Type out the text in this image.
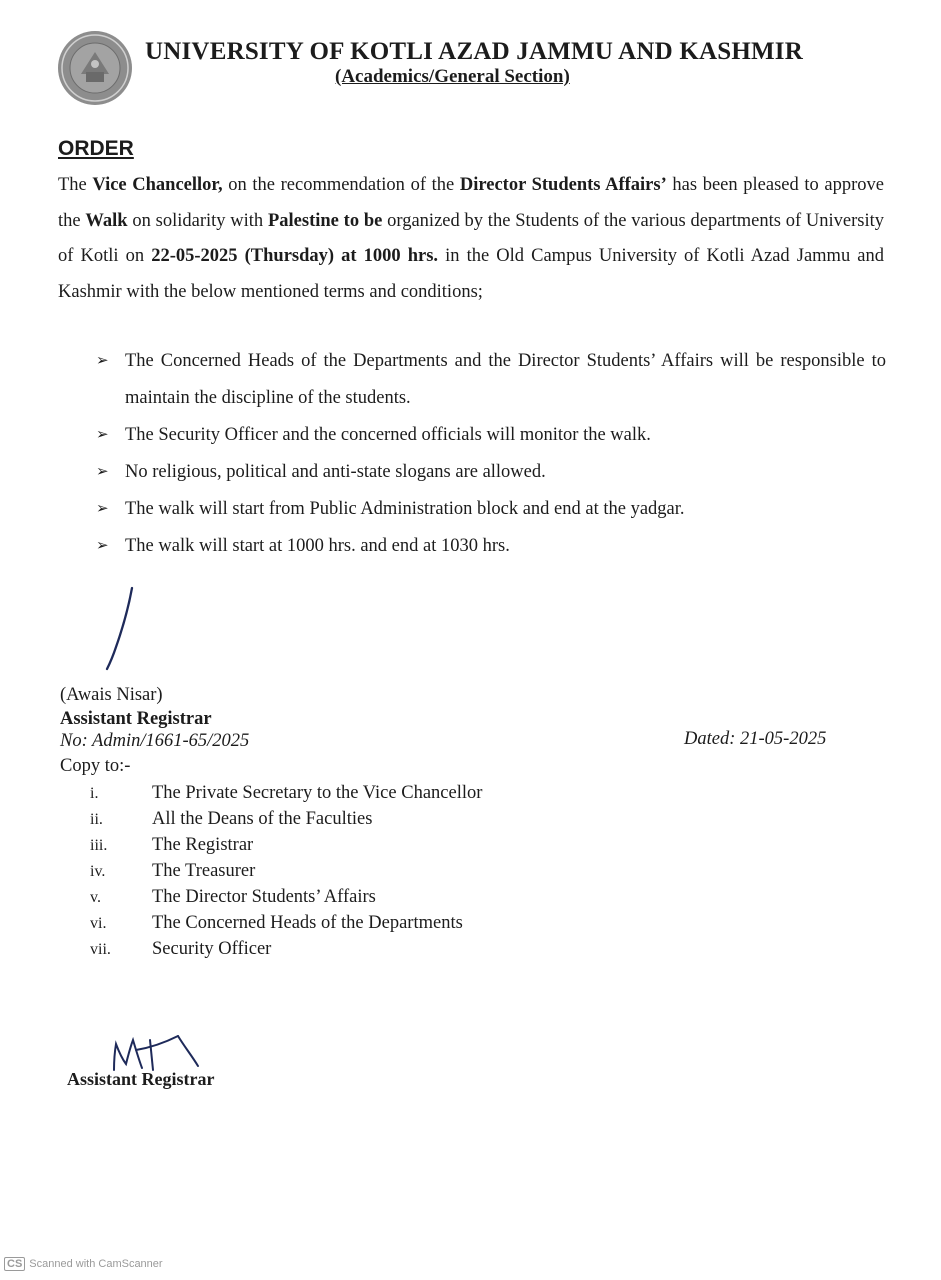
UNIVERSITY OF KOTLI AZAD JAMMU AND KASHMIR
(Academics/General Section)
ORDER
The Vice Chancellor, on the recommendation of the Director Students Affairs’ has been pleased to approve the Walk on solidarity with Palestine to be organized by the Students of the various departments of University of Kotli on 22-05-2025 (Thursday) at 1000 hrs. in the Old Campus University of Kotli Azad Jammu and Kashmir with the below mentioned terms and conditions;
➢ The Concerned Heads of the Departments and the Director Students’ Affairs will be responsible to maintain the discipline of the students.
➢ The Security Officer and the concerned officials will monitor the walk.
➢ No religious, political and anti-state slogans are allowed.
➢ The walk will start from Public Administration block and end at the yadgar.
➢ The walk will start at 1000 hrs. and end at 1030 hrs.
(Awais Nisar)
Assistant Registrar
No: Admin/1661-65/2025	Dated: 21-05-2025
Copy to:-
i.	The Private Secretary to the Vice Chancellor
ii.	All the Deans of the Faculties
iii. The Registrar
iv.	The Treasurer
v.	The Director Students’ Affairs
vi. The Concerned Heads of the Departments
vii. Security Officer
Assistant Registrar
CS Scanned with CamScanner
